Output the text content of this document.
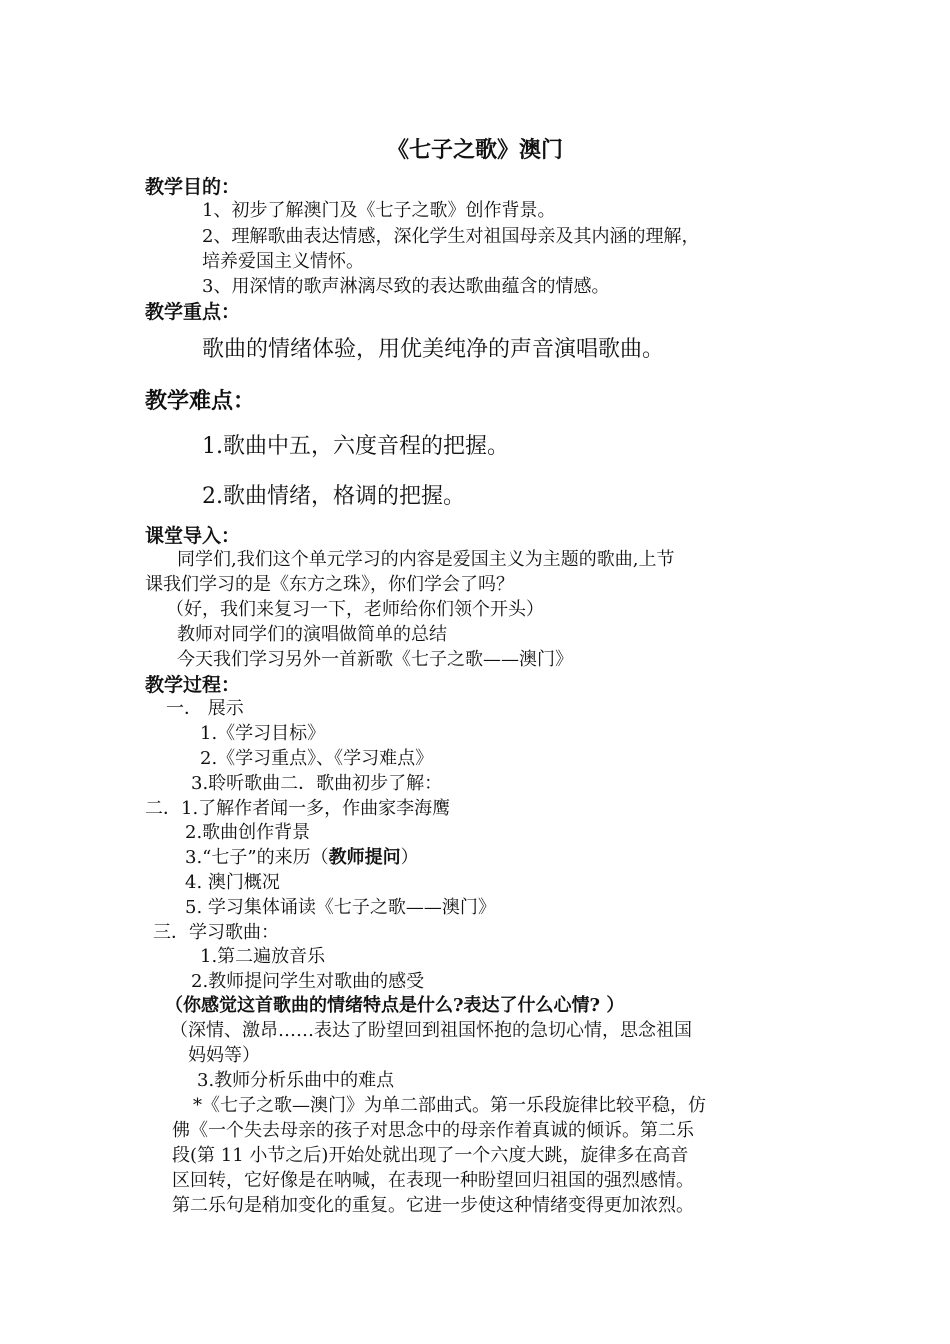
《七子之歌》澳门
教学目的：
1、初步了解澳门及《七子之歌》创作背景。
2、理解歌曲表达情感，深化学生对祖国母亲及其内涵的理解，
培养爱国主义情怀。
3、用深情的歌声淋漓尽致的表达歌曲蕴含的情感。
教学重点：
歌曲的情绪体验，用优美纯净的声音演唱歌曲。
教学难点：
1.歌曲中五，六度音程的把握。
2.歌曲情绪，格调的把握。
课堂导入：
同学们,我们这个单元学习的内容是爱国主义为主题的歌曲,上节
课我们学习的是《东方之珠》，你们学会了吗？
（好，我们来复习一下，老师给你们领个开头）
教师对同学们的演唱做简单的总结
今天我们学习另外一首新歌《七子之歌——澳门》
教学过程：
一． 展示
1.《学习目标》
2.《学习重点》、《学习难点》
3.聆听歌曲二．歌曲初步了解：
二．1.了解作者闻一多，作曲家李海鹰
2.歌曲创作背景
3.“七子”的来历（教师提问）
4. 澳门概况
5. 学习集体诵读《七子之歌——澳门》
三．学习歌曲：
1.第二遍放音乐
2.教师提问学生对歌曲的感受
（你感觉这首歌曲的情绪特点是什么?表达了什么心情? ）
（深情、激昂……表达了盼望回到祖国怀抱的急切心情，思念祖国
妈妈等）
3.教师分析乐曲中的难点
*《七子之歌—澳门》为单二部曲式。第一乐段旋律比较平稳，仿
佛《一个失去母亲的孩子对思念中的母亲作着真诚的倾诉。第二乐
段(第 11 小节之后)开始处就出现了一个六度大跳，旋律多在高音
区回转，它好像是在呐喊，在表现一种盼望回归祖国的强烈感情。
第二乐句是稍加变化的重复。它进一步使这种情绪变得更加浓烈。
